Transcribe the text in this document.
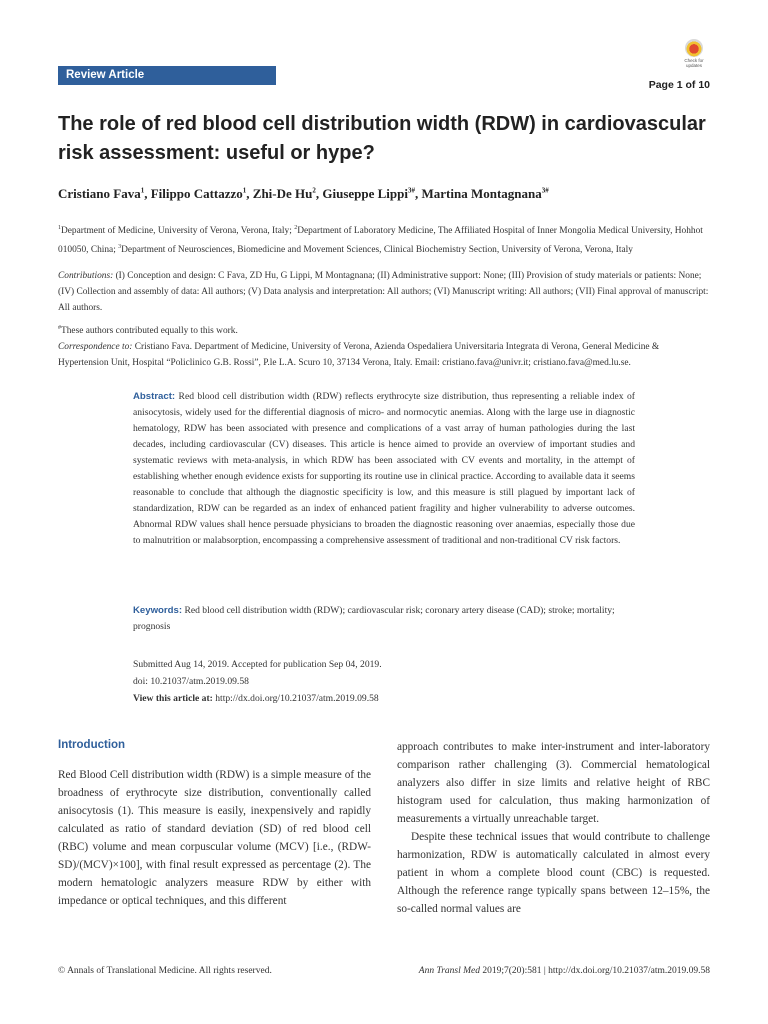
Review Article
Check for updates
Page 1 of 10
The role of red blood cell distribution width (RDW) in cardiovascular risk assessment: useful or hype?
Cristiano Fava$^1$, Filippo Cattazzo$^1$, Zhi-De Hu$^2$, Giuseppe Lippi$^{3\#}$, Martina Montagnana$^{3\#}$
$^1$Department of Medicine, University of Verona, Verona, Italy; $^2$Department of Laboratory Medicine, The Affiliated Hospital of Inner Mongolia Medical University, Hohhot 010050, China; $^3$Department of Neurosciences, Biomedicine and Movement Sciences, Clinical Biochemistry Section, University of Verona, Verona, Italy
Contributions: (I) Conception and design: C Fava, ZD Hu, G Lippi, M Montagnana; (II) Administrative support: None; (III) Provision of study materials or patients: None; (IV) Collection and assembly of data: All authors; (V) Data analysis and interpretation: All authors; (VI) Manuscript writing: All authors; (VII) Final approval of manuscript: All authors.
#These authors contributed equally to this work.
Correspondence to: Cristiano Fava. Department of Medicine, University of Verona, Azienda Ospedaliera Universitaria Integrata di Verona, General Medicine & Hypertension Unit, Hospital “Policlinico G.B. Rossi”, P.le L.A. Scuro 10, 37134 Verona, Italy. Email: cristiano.fava@univr.it; cristiano.fava@med.lu.se.
Abstract: Red blood cell distribution width (RDW) reflects erythrocyte size distribution, thus representing a reliable index of anisocytosis, widely used for the differential diagnosis of micro- and normocytic anemias. Along with the large use in diagnostic hematology, RDW has been associated with presence and complications of a vast array of human pathologies during the last decades, including cardiovascular (CV) diseases. This article is hence aimed to provide an overview of important studies and systematic reviews with meta-analysis, in which RDW has been associated with CV events and mortality, in the attempt of establishing whether enough evidence exists for supporting its routine use in clinical practice. According to available data it seems reasonable to conclude that although the diagnostic specificity is low, and this measure is still plagued by important lack of standardization, RDW can be regarded as an index of enhanced patient fragility and higher vulnerability to adverse outcomes. Abnormal RDW values shall hence persuade physicians to broaden the diagnostic reasoning over anaemias, especially those due to malnutrition or malabsorption, encompassing a comprehensive assessment of traditional and non-traditional CV risk factors.
Keywords: Red blood cell distribution width (RDW); cardiovascular risk; coronary artery disease (CAD); stroke; mortality; prognosis
Submitted Aug 14, 2019. Accepted for publication Sep 04, 2019.
doi: 10.21037/atm.2019.09.58
View this article at: http://dx.doi.org/10.21037/atm.2019.09.58
Introduction

Red Blood Cell distribution width (RDW) is a simple measure of the broadness of erythrocyte size distribution, conventionally called anisocytosis (1). This measure is easily, inexpensively and rapidly calculated as ratio of standard deviation (SD) of red blood cell (RBC) volume and mean corpuscular volume (MCV) [i.e., (RDW-SD)/(MCV)×100], with final result expressed as percentage (2). The modern hematologic analyzers measure RDW by either with impedance or optical techniques, and this different

approach contributes to make inter-instrument and inter-laboratory comparison rather challenging (3). Commercial hematological analyzers also differ in size limits and relative height of RBC histogram used for calculation, thus making harmonization of measurements a virtually unreachable target.

Despite these technical issues that would contribute to challenge harmonization, RDW is automatically calculated in almost every patient in whom a complete blood count (CBC) is requested. Although the reference range typically spans between 12–15%, the so-called normal values are

© Annals of Translational Medicine. All rights reserved.	Ann Transl Med 2019;7(20):581 | http://dx.doi.org/10.21037/atm.2019.09.58
